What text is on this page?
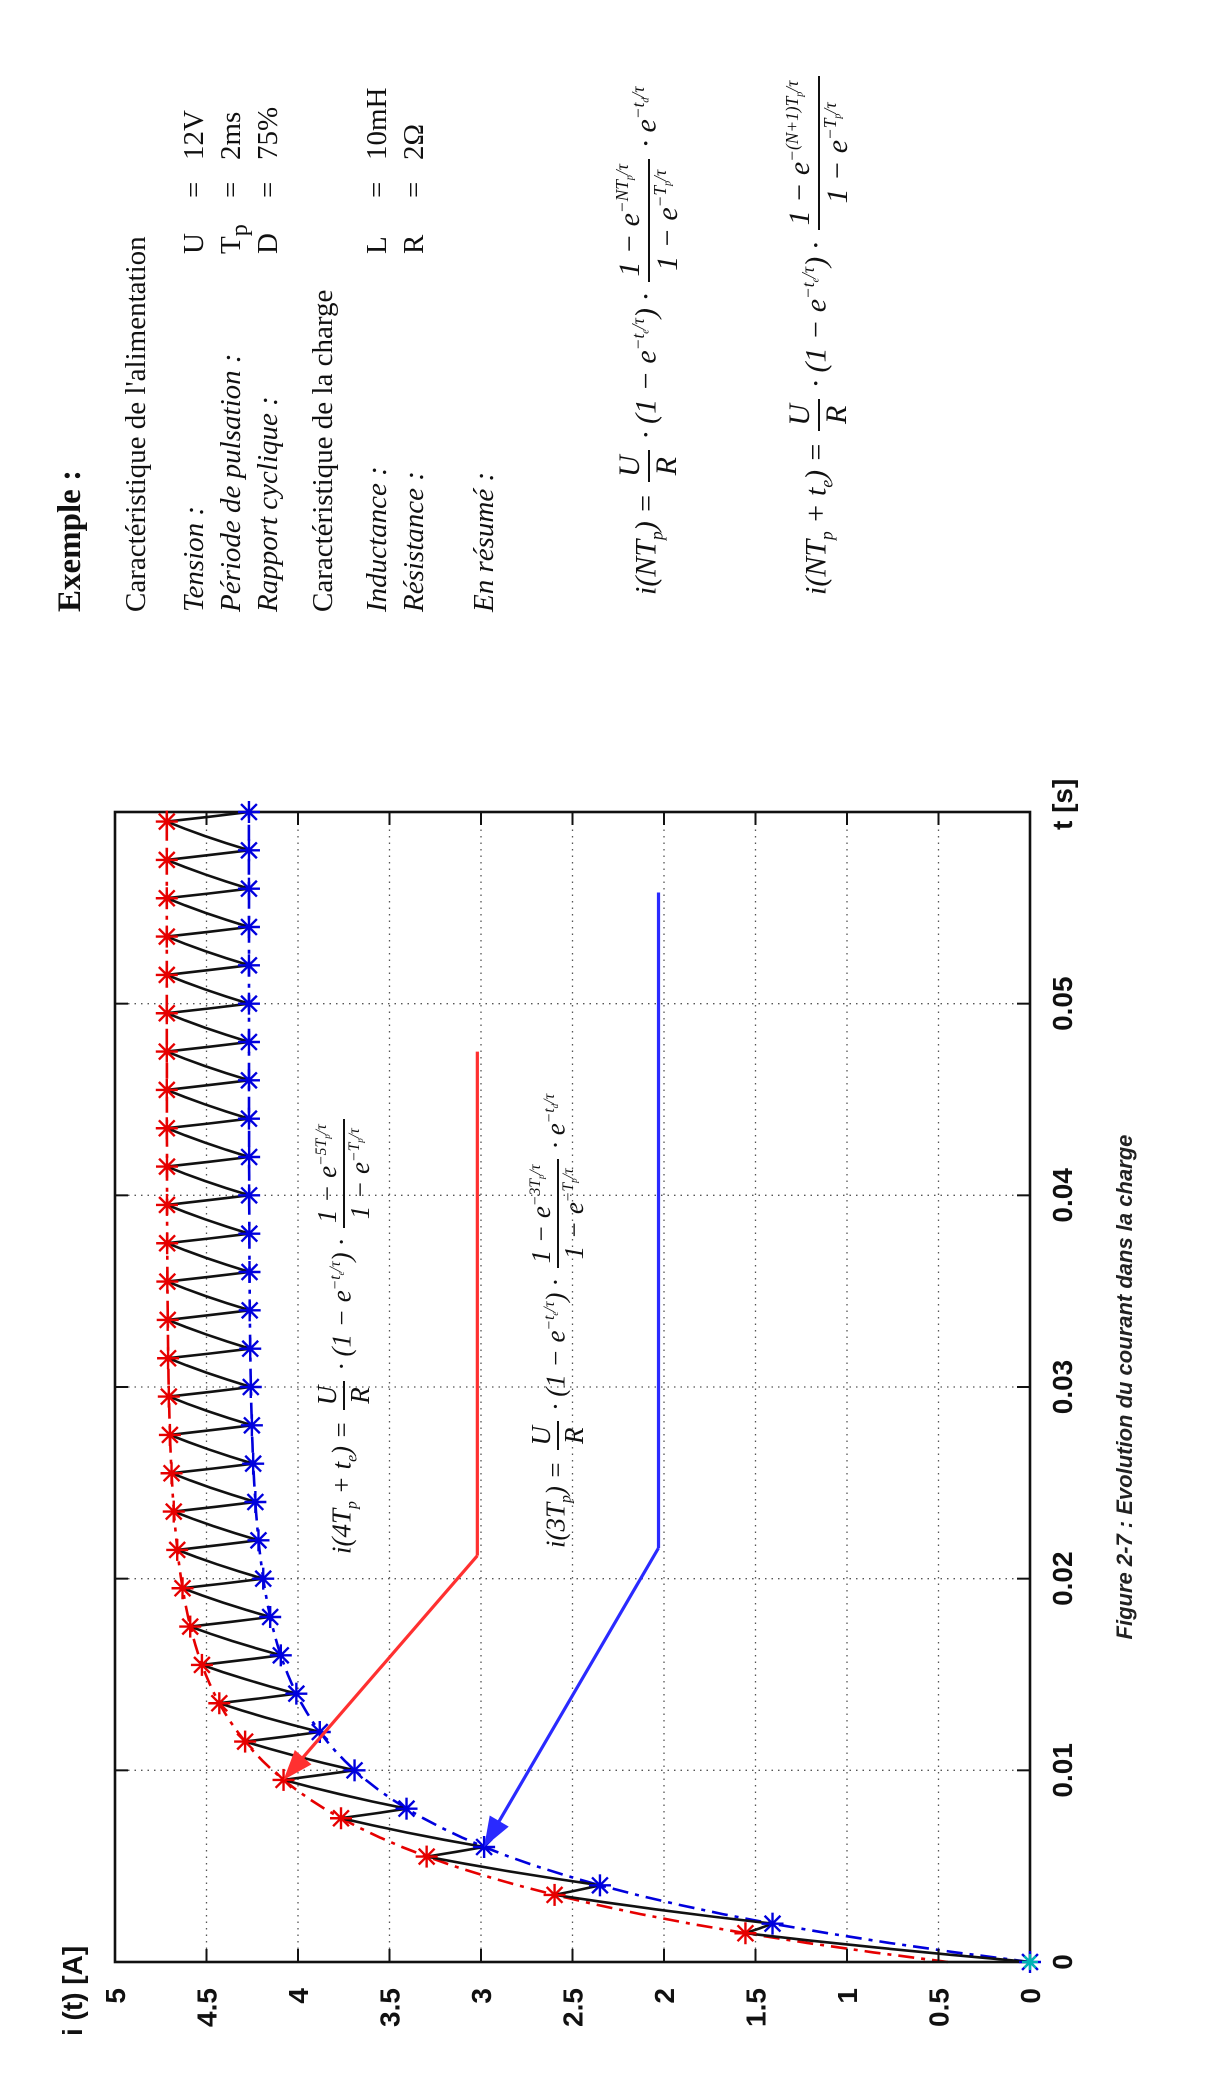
0
0.01
0.02
0.03
0.04
0.05
t [s]
0
0.5
1
1.5
2
2.5
3
3.5
4
4.5
5
i (t) [A]
$i(4T_p + t_e)$ =
U R
· $(1 - e^{-t_e/\tau})$ ·
$1 - e^{-5T_p/\tau}$
$1 - e^{-T_p/\tau}$
$i(3T_p)$ =
U R
· $(1 - e^{-t_e/\tau})$ ·
$1 - e^{-3T_p/\tau}$
$1 - e^{-T_p/\tau}$
· $e^{-t_d/\tau}$
Figure 2-7 : Evolution du courant dans la charge
Exemple : Caractéristique de l'alimentation Tension :
U
=
12V
Période de pulsation :
$T_p$
=
2ms
Rapport cyclique :
D
=
75%
Caractéristique de la charge Inductance :
L
=
10mH
Résistance :
R
=
2Ω
En résumé :	$i(NT_p)$ =
U R
· $(1 - e^{-t_e/\tau})$ ·
$1 - e^{-NT_p/\tau}$
$1 - e^{-T_p/\tau}$
· $e^{-t_d/\tau}$
$i(NT_p + t_e)$ =
U R
· $(1 - e^{-t_e/\tau})$ ·
$1 - e^{-(N+1)T_p/\tau}$
$1 - e^{-T_p/\tau}$
